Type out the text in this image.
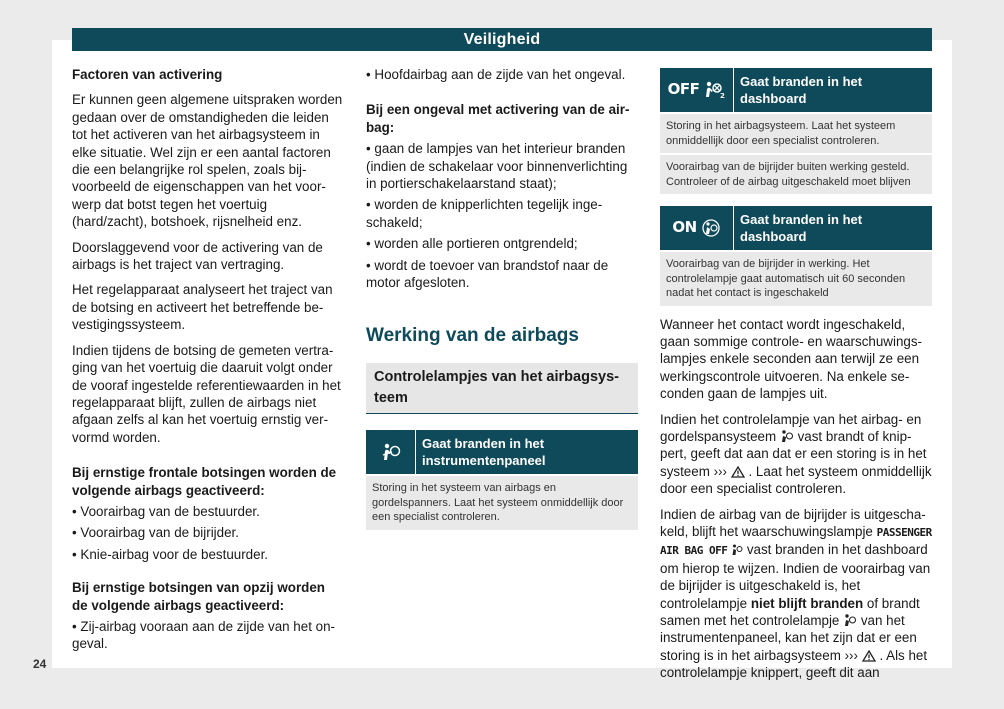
Veiligheid

Factoren van activering

Er kunnen geen algemene uitspraken worden gedaan over de omstandigheden die leiden tot het activeren van het airbagsysteem in elke situatie. Wel zijn er een aantal factoren die een belangrijke rol spelen, zoals bijvoorbeeld de eigenschappen van het voorwerp dat botst tegen het voertuig (hard/zacht), botshoek, rijsnelheid enz.

Doorslaggevend voor de activering van de airbags is het traject van vertraging.

Het regelapparaat analyseert het traject van de botsing en activeert het betreffende bevestigingssysteem.

Indien tijdens de botsing de gemeten vertraging van het voertuig die daaruit volgt onder de vooraf ingestelde referentiewaarden in het regelapparaat blijft, zullen de airbags niet afgaan zelfs al kan het voertuig ernstig vervormd worden.

Bij ernstige frontale botsingen worden de volgende airbags geactiveerd:

• Voorairbag van de bestuurder.
• Voorairbag van de bijrijder.
• Knie-airbag voor de bestuurder.

Bij ernstige botsingen van opzij worden de volgende airbags geactiveerd:

• Zij-airbag vooraan aan de zijde van het ongeval.
• Hoofdairbag aan de zijde van het ongeval.

Bij een ongeval met activering van de airbag:

• gaan de lampjes van het interieur branden (indien de schakelaar voor binnenverlichting in portierschakelaarstand staat);
• worden de knipperlichten tegelijk ingeschakeld;
• worden alle portieren ontgrendeld;
• wordt de toevoer van brandstof naar de motor afgesloten.
Werking van de airbags
Controlelampjes van het airbagsysteem
Gaat branden in het instrumentenpaneel
Storing in het systeem van airbags en gordelspanners. Laat het systeem onmiddellijk door een specialist controleren.
OFF	2
Gaat branden in het dashboard
Storing in het airbagsysteem. Laat het systeem onmiddellijk door een specialist controleren.
Voorairbag van de bijrijder buiten werking gesteld. Controleer of de airbag uitgeschakeld moet blijven
ON	Gaat branden in het dashboard
Voorairbag van de bijrijder in werking. Het controlelampje gaat automatisch uit 60 seconden nadat het contact is ingeschakeld

Wanneer het contact wordt ingeschakeld, gaan sommige controle- en waarschuwingslampjes enkele seconden aan terwijl ze een werkingscontrole uitvoeren. Na enkele seconden gaan de lampjes uit.

Indien het controlelampje van het airbag- en gordelspansysteem vast brandt of knippert, geeft dat aan dat er een storing is in het systeem ››› . Laat het systeem onmiddellijk door een specialist controleren.

Indien de airbag van de bijrijder is uitgeschakeld, blijft het waarschuwingslampje PASSENGER AIR BAG OFF vast branden in het dashboard om hierop te wijzen. Indien de voorairbag van de bijrijder is uitgeschakeld is, het controlelampje niet blijft branden of brandt samen met het controlelampje van het instrumentenpaneel, kan het zijn dat er een storing is in het airbagsysteem ››› . Als het controlelampje knippert, geeft dit aan

24
